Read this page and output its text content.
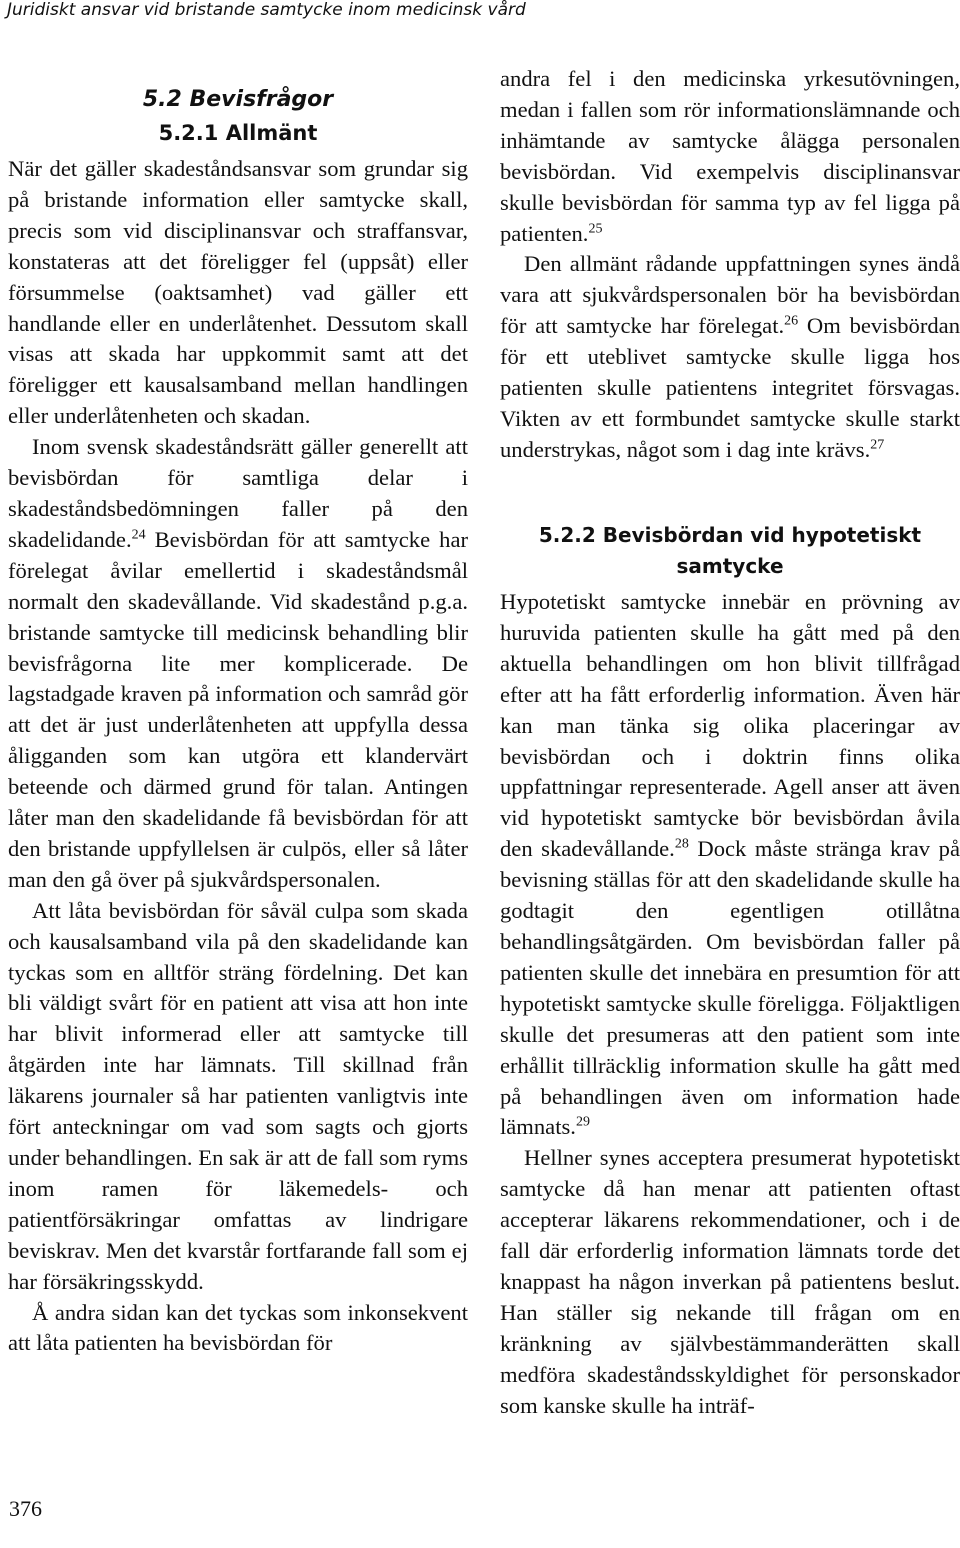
Juridiskt ansvar vid bristande samtycke inom medicinsk vård
5.2 Bevisfrågor
5.2.1 Allmänt

När det gäller skadeståndsansvar som grundar sig på bristande information eller samtycke skall, precis som vid disciplinansvar och straffansvar, konstateras att det föreligger fel (uppsåt) eller försummelse (oaktsamhet) vad gäller ett handlande eller en underlåtenhet. Dessutom skall visas att skada har uppkommit samt att det föreligger ett kausalsamband mellan handlingen eller underlåtenheten och skadan.

Inom svensk skadeståndsrätt gäller generellt att bevisbördan för samtliga delar i skadeståndsbedömningen faller på den skadelidande.$^{24}$ Bevisbördan för att samtycke har förelegat åvilar emellertid i skadeståndsmål normalt den skadevållande. Vid skadestånd p.g.a. bristande samtycke till medicinsk behandling blir bevisfrågorna lite mer komplicerade. De lagstadgade kraven på information och samråd gör att det är just underlåtenheten att uppfylla dessa åligganden som kan utgöra ett klandervärt beteende och därmed grund för talan. Antingen låter man den skadelidande få bevisbördan för att den bristande uppfyllelsen är culpös, eller så låter man den gå över på sjukvårdspersonalen.

Att låta bevisbördan för såväl culpa som skada och kausalsamband vila på den skadelidande kan tyckas som en alltför sträng fördelning. Det kan bli väldigt svårt för en patient att visa att hon inte har blivit informerad eller att samtycke till åtgärden inte har lämnats. Till skillnad från läkarens journaler så har patienten vanligtvis inte fört anteckningar om vad som sagts och gjorts under behandlingen. En sak är att de fall som ryms inom ramen för läkemedels- och patientförsäkringar omfattas av lindrigare beviskrav. Men det kvarstår fortfarande fall som ej har försäkringsskydd.

Å andra sidan kan det tyckas som inkonsekvent att låta patienten ha bevisbördan för

andra fel i den medicinska yrkesutövningen, medan i fallen som rör informationslämnande och inhämtande av samtycke ålägga personalen bevisbördan. Vid exempelvis disciplinansvar skulle bevisbördan för samma typ av fel ligga på patienten.$^{25}$

Den allmänt rådande uppfattningen synes ändå vara att sjukvårdspersonalen bör ha bevisbördan för att samtycke har förelegat.$^{26}$ Om bevisbördan för ett uteblivet samtycke skulle ligga hos patienten skulle patientens integritet försvagas. Vikten av ett formbundet samtycke skulle starkt understrykas, något som i dag inte krävs.$^{27}$

5.2.2 Bevisbördan vid hypotetiskt
samtycke

Hypotetiskt samtycke innebär en prövning av huruvida patienten skulle ha gått med på den aktuella behandlingen om hon blivit tillfrågad efter att ha fått erforderlig information. Även här kan man tänka sig olika placeringar av bevisbördan och i doktrin finns olika uppfattningar representerade. Agell anser att även vid hypotetiskt samtycke bör bevisbördan åvila den skadevållande.$^{28}$ Dock måste stränga krav på bevisning ställas för att den skadelidande skulle ha godtagit den egentligen otillåtna behandlingsåtgärden. Om bevisbördan faller på patienten skulle det innebära en presumtion för att hypotetiskt samtycke skulle föreligga. Följaktligen skulle det presumeras att den patient som inte erhållit tillräcklig information skulle ha gått med på behandlingen även om information hade lämnats.$^{29}$

Hellner synes acceptera presumerat hypotetiskt samtycke då han menar att patienten oftast accepterar läkarens rekommendationer, och i de fall där erforderlig information lämnats torde det knappast ha någon inverkan på patientens beslut. Han ställer sig nekande till frågan om en kränkning av självbestämmanderätten skall medföra skadeståndsskyldighet för personskador som kanske skulle ha inträf-

376
